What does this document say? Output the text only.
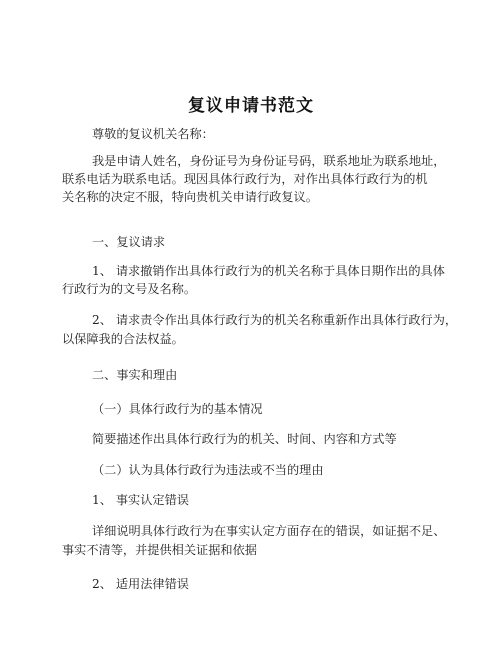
复议申请书范文
尊敬的复议机关名称：
我是申请人姓名，身份证号为身份证号码，联系地址为联系地址，
联系电话为联系电话。现因具体行政行为，对作出具体行政行为的机
关名称的决定不服，特向贵机关申请行政复议。
一、复议请求
1、 请求撤销作出具体行政行为的机关名称于具体日期作出的具体
行政行为的文号及名称。
2、 请求责令作出具体行政行为的机关名称重新作出具体行政行为，
以保障我的合法权益。
二、事实和理由
（一）具体行政行为的基本情况
简要描述作出具体行政行为的机关、时间、内容和方式等
（二）认为具体行政行为违法或不当的理由
1、 事实认定错误
详细说明具体行政行为在事实认定方面存在的错误，如证据不足、
事实不清等，并提供相关证据和依据
2、 适用法律错误
